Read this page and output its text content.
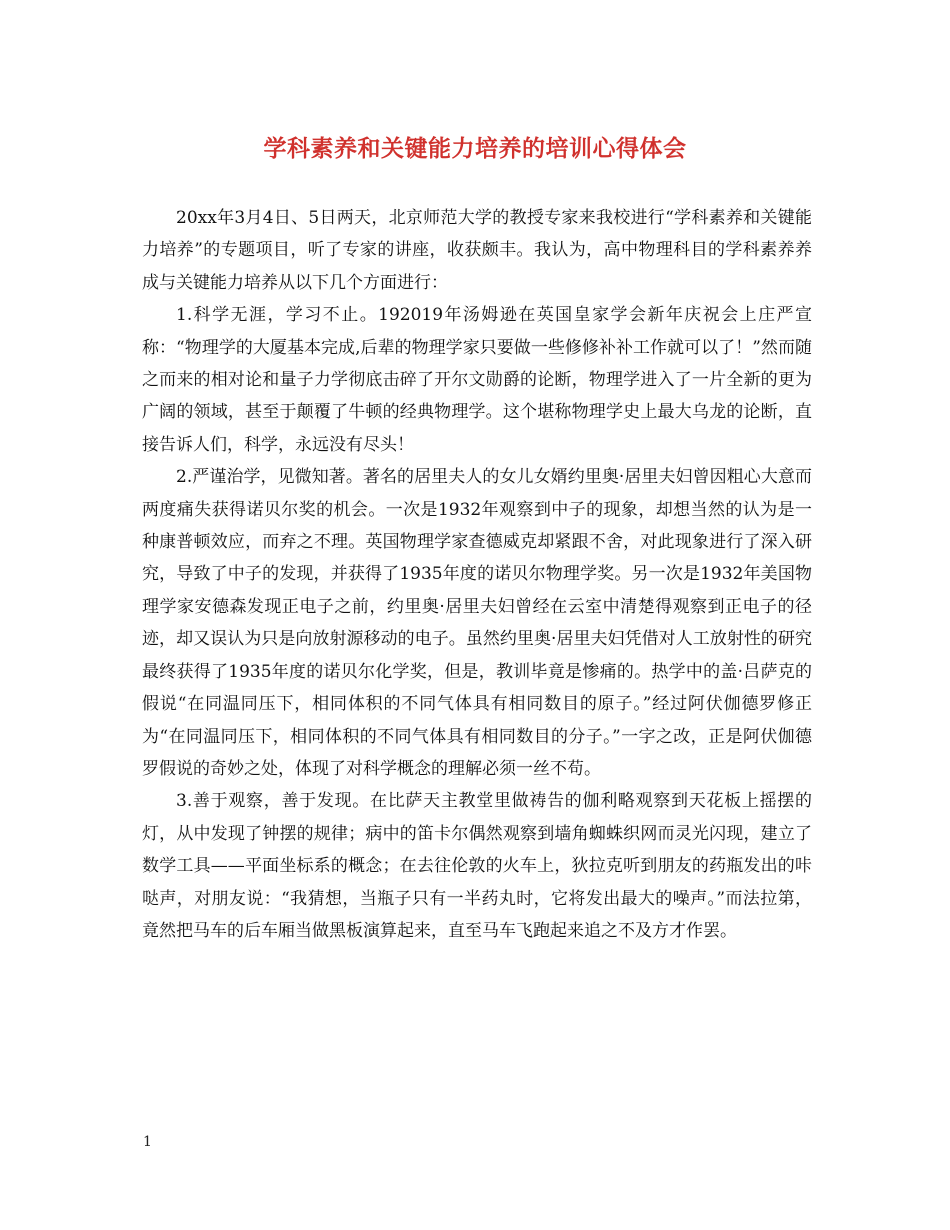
学科素养和关键能力培养的培训心得体会

20xx年3月4日、5日两天，北京师范大学的教授专家来我校进行“学科素养和关键能力培养”的专题项目，听了专家的讲座，收获颇丰。我认为，高中物理科目的学科素养养成与关键能力培养从以下几个方面进行：

1.科学无涯，学习不止。192019年汤姆逊在英国皇家学会新年庆祝会上庄严宣称：“物理学的大厦基本完成,后辈的物理学家只要做一些修修补补工作就可以了！”然而随之而来的相对论和量子力学彻底击碎了开尔文勋爵的论断，物理学进入了一片全新的更为广阔的领域，甚至于颠覆了牛顿的经典物理学。这个堪称物理学史上最大乌龙的论断，直接告诉人们，科学，永远没有尽头！

2.严谨治学，见微知著。著名的居里夫人的女儿女婿约里奥·居里夫妇曾因粗心大意而两度痛失获得诺贝尔奖的机会。一次是1932年观察到中子的现象，却想当然的认为是一种康普顿效应，而弃之不理。英国物理学家查德威克却紧跟不舍，对此现象进行了深入研究，导致了中子的发现，并获得了1935年度的诺贝尔物理学奖。另一次是1932年美国物理学家安德森发现正电子之前，约里奥·居里夫妇曾经在云室中清楚得观察到正电子的径迹，却又误认为只是向放射源移动的电子。虽然约里奥·居里夫妇凭借对人工放射性的研究最终获得了1935年度的诺贝尔化学奖，但是，教训毕竟是惨痛的。热学中的盖·吕萨克的假说“在同温同压下，相同体积的不同气体具有相同数目的原子。”经过阿伏伽德罗修正为“在同温同压下，相同体积的不同气体具有相同数目的分子。”一字之改，正是阿伏伽德罗假说的奇妙之处，体现了对科学概念的理解必须一丝不苟。

3.善于观察，善于发现。在比萨天主教堂里做祷告的伽利略观察到天花板上摇摆的灯，从中发现了钟摆的规律；病中的笛卡尔偶然观察到墙角蜘蛛织网而灵光闪现，建立了数学工具——平面坐标系的概念；在去往伦敦的火车上，狄拉克听到朋友的药瓶发出的咔哒声，对朋友说：“我猜想，当瓶子只有一半药丸时，它将发出最大的噪声。”而法拉第，竟然把马车的后车厢当做黑板演算起来，直至马车飞跑起来追之不及方才作罢。

1
